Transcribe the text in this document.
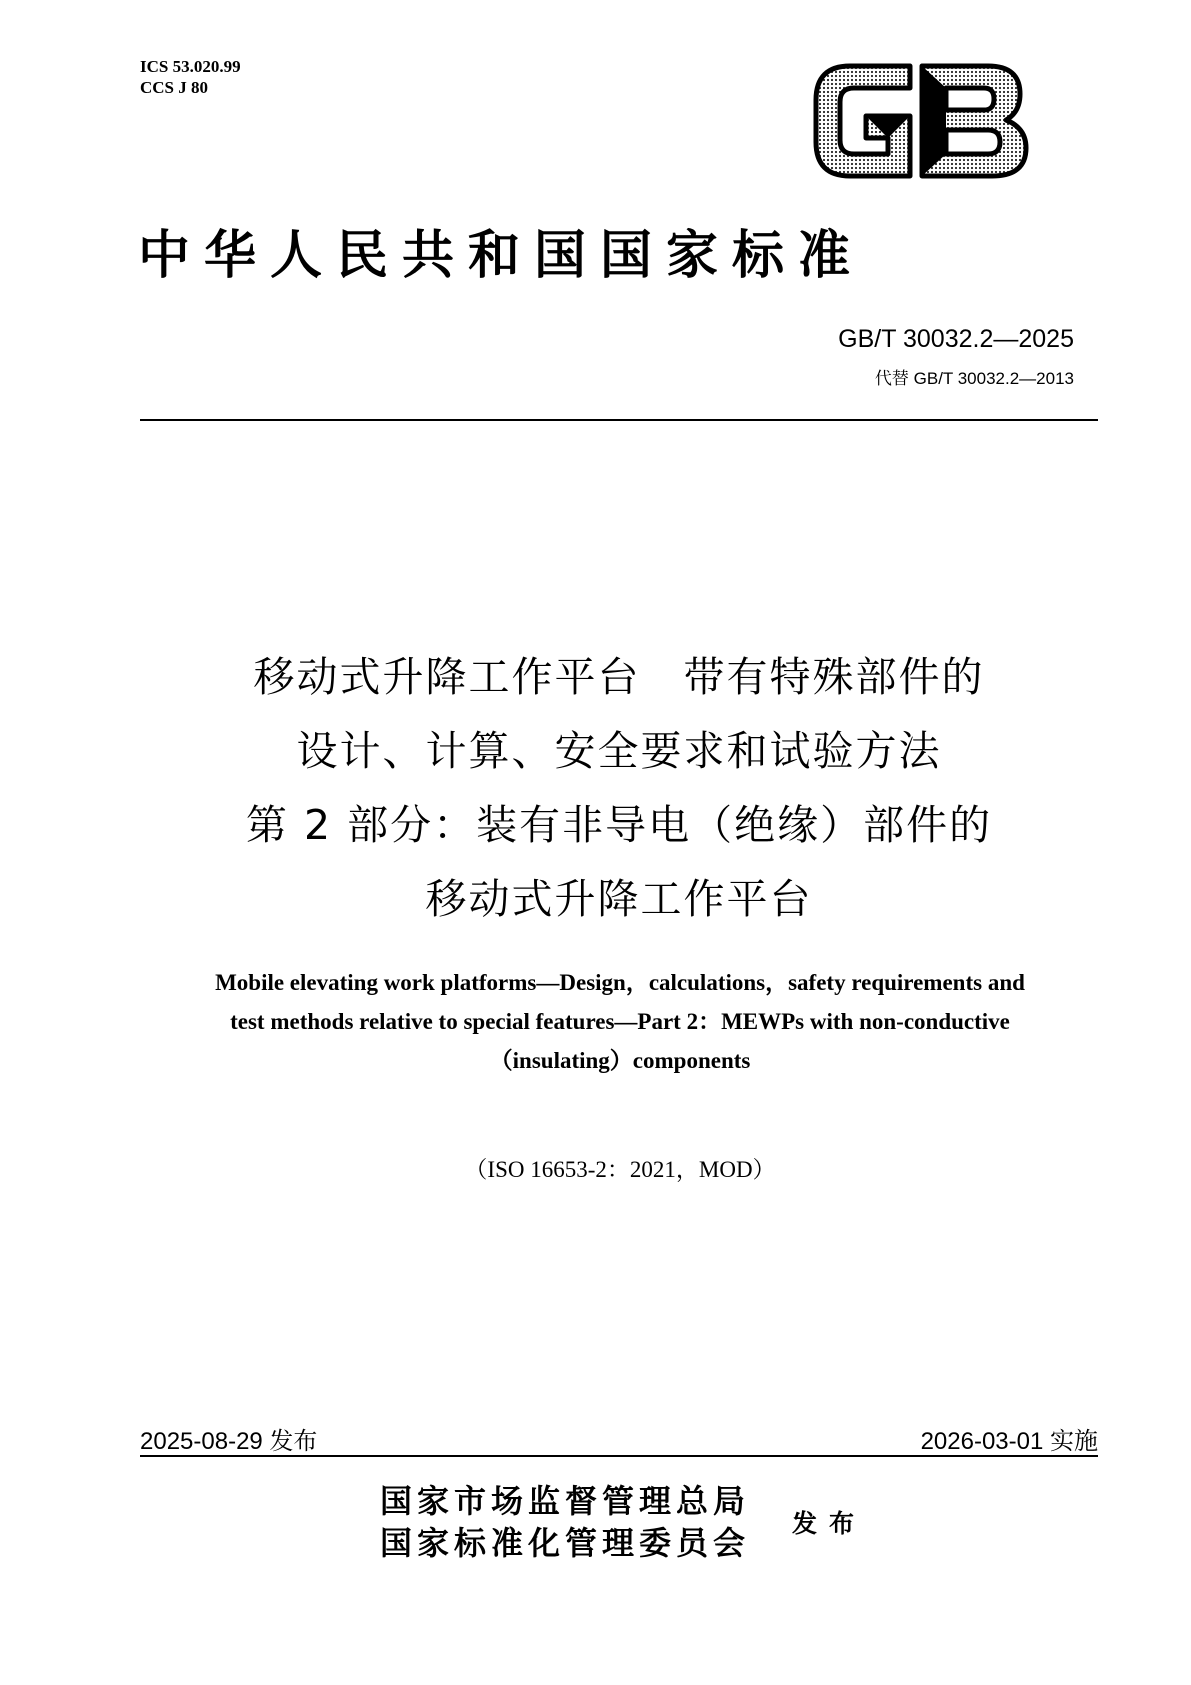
ICS 53.020.99
CCS J 80
中华人民共和国国家标准
GB/T 30032.2—2025
代替 GB/T 30032.2—2013
移动式升降工作平台　带有特殊部件的
设计、计算、安全要求和试验方法
第 2 部分：装有非导电（绝缘）部件的
移动式升降工作平台
Mobile elevating work platforms—Design，calculations，safety requirements and
test methods relative to special features—Part 2：MEWPs with non-conductive
（insulating）components
（ISO 16653-2：2021，MOD）
2025-08-29 发布	2026-03-01 实施
国家市场监督管理总局
国家标准化管理委员会
发布
